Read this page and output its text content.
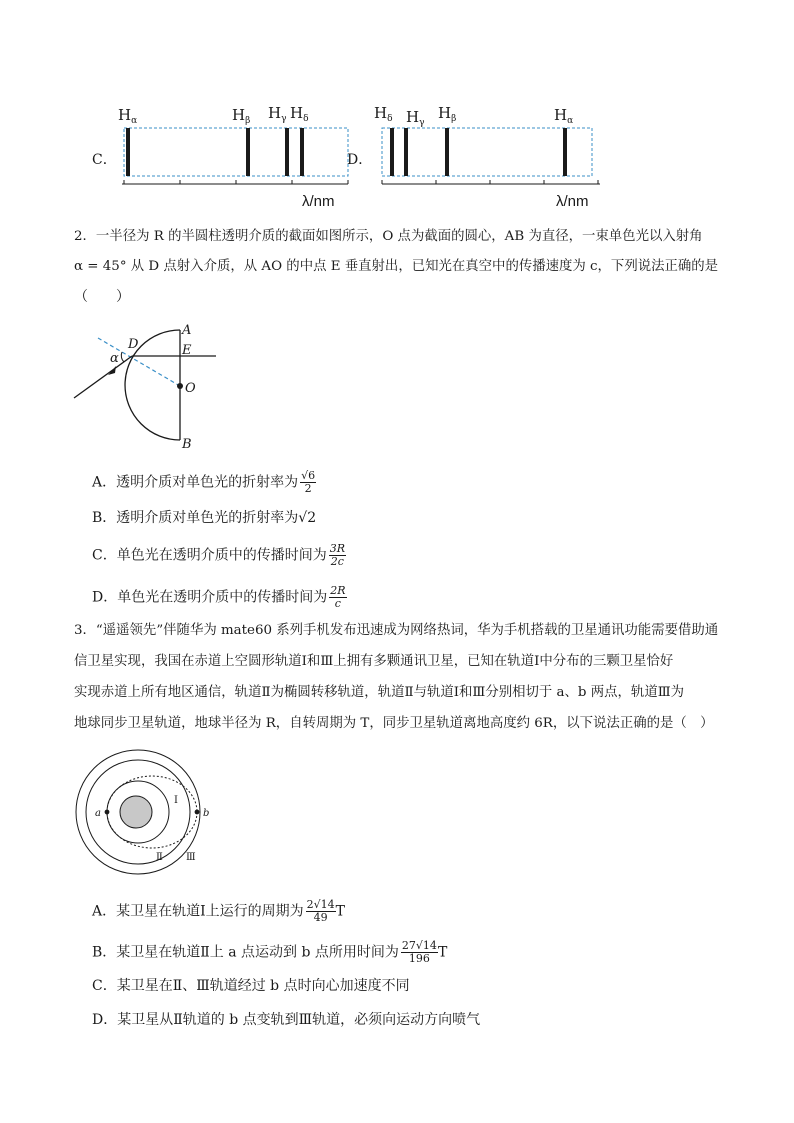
C．	D．
$H_\alpha$	$H_\beta$ $H_\gamma$ $H_\delta$
λ/nm
$H_\delta$ $H_\gamma$
$H_\beta$	$H_\alpha$
λ/nm
2．一半径为 R 的半圆柱透明介质的截面如图所示，O 点为截面的圆心，AB 为直径，一束单色光以入射角
α = 45° 从 D 点射入介质，从 AO 的中点 E 垂直射出，已知光在真空中的传播速度为 c，下列说法正确的是
（　　）
A
E
D
α
O
B
A．透明介质对单色光的折射率为 $\frac{√6}{2}$
B．透明介质对单色光的折射率为√2
C．单色光在透明介质中的传播时间为 $\frac{3R}{2c}$
D．单色光在透明介质中的传播时间为 $\frac{2R}{c}$
3．“遥遥领先”伴随华为 mate60 系列手机发布迅速成为网络热词，华为手机搭载的卫星通讯功能需要借助通
信卫星实现，我国在赤道上空圆形轨道Ⅰ和Ⅲ上拥有多颗通讯卫星，已知在轨道Ⅰ中分布的三颗卫星恰好
实现赤道上所有地区通信，轨道Ⅱ为椭圆转移轨道，轨道Ⅱ与轨道Ⅰ和Ⅲ分别相切于 a、b 两点，轨道Ⅲ为
地球同步卫星轨道，地球半径为 R，自转周期为 T，同步卫星轨道离地高度约 6R，以下说法正确的是（　）
a	b
Ⅰ
Ⅱ Ⅲ
A．某卫星在轨道Ⅰ上运行的周期为 $\frac{2√14}{49}$ T
B．某卫星在轨道Ⅱ上 a 点运动到 b 点所用时间为 $\frac{27√14}{196}$ T
C．某卫星在Ⅱ、Ⅲ轨道经过 b 点时向心加速度不同
D．某卫星从Ⅱ轨道的 b 点变轨到Ⅲ轨道，必须向运动方向喷气
